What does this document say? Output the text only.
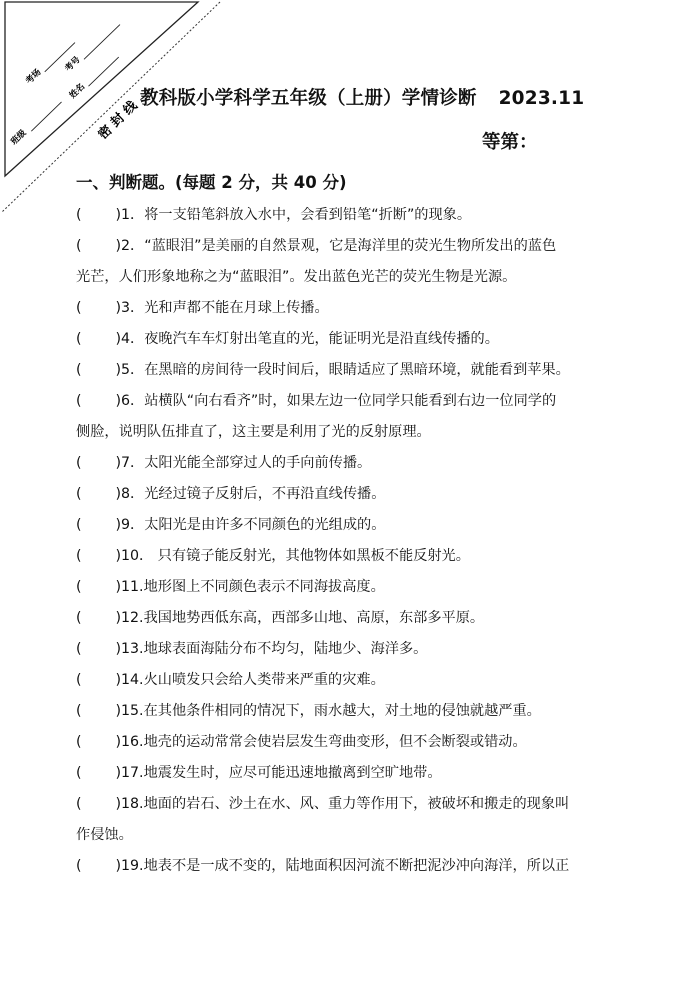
考号
考场
姓名
班级	密 封 线 教科版小学科学五年级（上册）学情诊断 2023.11
等第：
一、判断题。(每题 2 分，共 40 分)
( )1．将一支铅笔斜放入水中，会看到铅笔“折断”的现象。
( )2．“蓝眼泪”是美丽的自然景观，它是海洋里的荧光生物所发出的蓝色
光芒，人们形象地称之为“蓝眼泪”。发出蓝色光芒的荧光生物是光源。
( )3．光和声都不能在月球上传播。
( )4．夜晚汽车车灯射出笔直的光，能证明光是沿直线传播的。
( )5．在黑暗的房间待一段时间后，眼睛适应了黑暗环境，就能看到苹果。
( )6．站横队“向右看齐”时，如果左边一位同学只能看到右边一位同学的
侧脸，说明队伍排直了，这主要是利用了光的反射原理。
( )7．太阳光能全部穿过人的手向前传播。
( )8．光经过镜子反射后，不再沿直线传播。
( )9．太阳光是由许多不同颜色的光组成的。
( )10． 只有镜子能反射光，其他物体如黑板不能反射光。
( )11.地形图上不同颜色表示不同海拔高度。
( )12.我国地势西低东高，西部多山地、高原，东部多平原。
( )13.地球表面海陆分布不均匀，陆地少、海洋多。
( )14.火山喷发只会给人类带来严重的灾难。
( )15.在其他条件相同的情况下，雨水越大，对土地的侵蚀就越严重。
( )16.地壳的运动常常会使岩层发生弯曲变形，但不会断裂或错动。
( )17.地震发生时，应尽可能迅速地撤离到空旷地带。
( )18.地面的岩石、沙土在水、风、重力等作用下，被破坏和搬走的现象叫
作侵蚀。
( )19.地表不是一成不变的，陆地面积因河流不断把泥沙冲向海洋，所以正
